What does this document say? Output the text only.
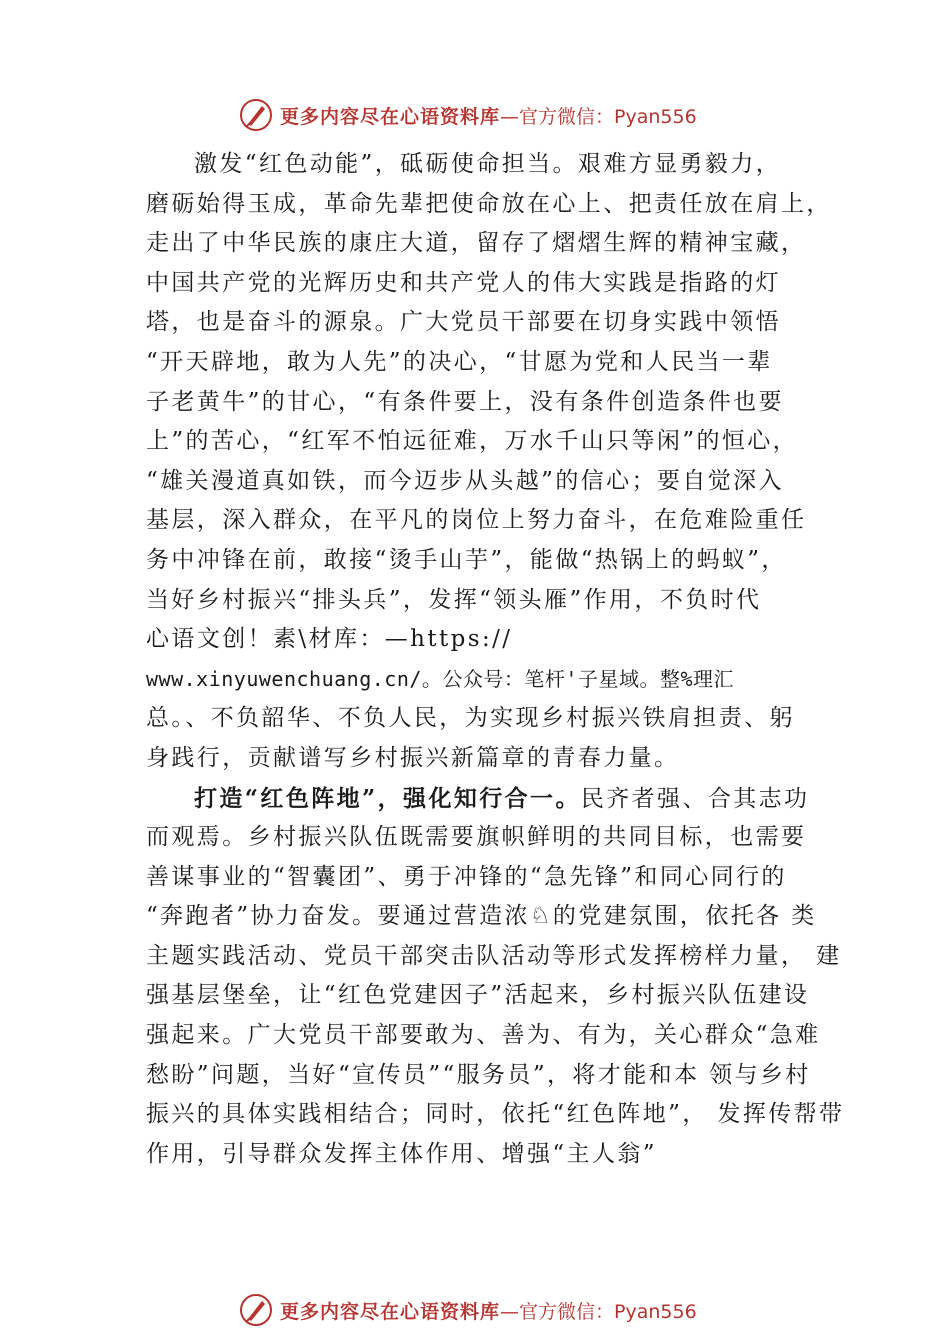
更多内容尽在心语资料库 —官方微信：Pyan556
激发“红色动能”，砥砺使命担当。艰难方显勇毅力，
磨砺始得玉成，革命先辈把使命放在心上、把责任放在肩上，
走出了中华民族的康庄大道，留存了熠熠生辉的精神宝藏，
中国共产党的光辉历史和共产党人的伟大实践是指路的灯
塔，也是奋斗的源泉。广大党员干部要在切身实践中领悟
“开天辟地，敢为人先”的决心，“甘愿为党和人民当一辈
子老黄牛”的甘心，“有条件要上，没有条件创造条件也要
上”的苦心，“红军不怕远征难，万水千山只等闲”的恒心，
“雄关漫道真如铁，而今迈步从头越”的信心；要自觉深入
基层，深入群众，在平凡的岗位上努力奋斗，在危难险重任
务中冲锋在前，敢接“烫手山芋”，能做“热锅上的蚂蚁”，
当好乡村振兴“排头兵”，发挥“领头雁”作用，不负时代
心语文创！素\材库：—https://
www.xinyuwenchuang.cn/。公众号：笔杆'子星域。整%理汇
总。、不负韶华、不负人民，为实现乡村振兴铁肩担责、躬
身践行，贡献谱写乡村振兴新篇章的青春力量。
打造“红色阵地”，强化知行合一。民齐者强、合其志功
而观焉。乡村振兴队伍既需要旗帜鲜明的共同目标，也需要
善谋事业的“智囊团”、勇于冲锋的“急先锋”和同心同行的
“奔跑者”协力奋发。要通过营造浓♘的党建氛围，依托各 类
主题实践活动、党员干部突击队活动等形式发挥榜样力量， 建
强基层堡垒，让“红色党建因子”活起来，乡村振兴队伍建设
强起来。广大党员干部要敢为、善为、有为，关心群众“急难
愁盼”问题，当好“宣传员”“服务员”，将才能和本 领与乡村
振兴的具体实践相结合；同时，依托“红色阵地”， 发挥传帮带
作用，引导群众发挥主体作用、增强“主人翁”
更多内容尽在心语资料库 —官方微信：Pyan556
